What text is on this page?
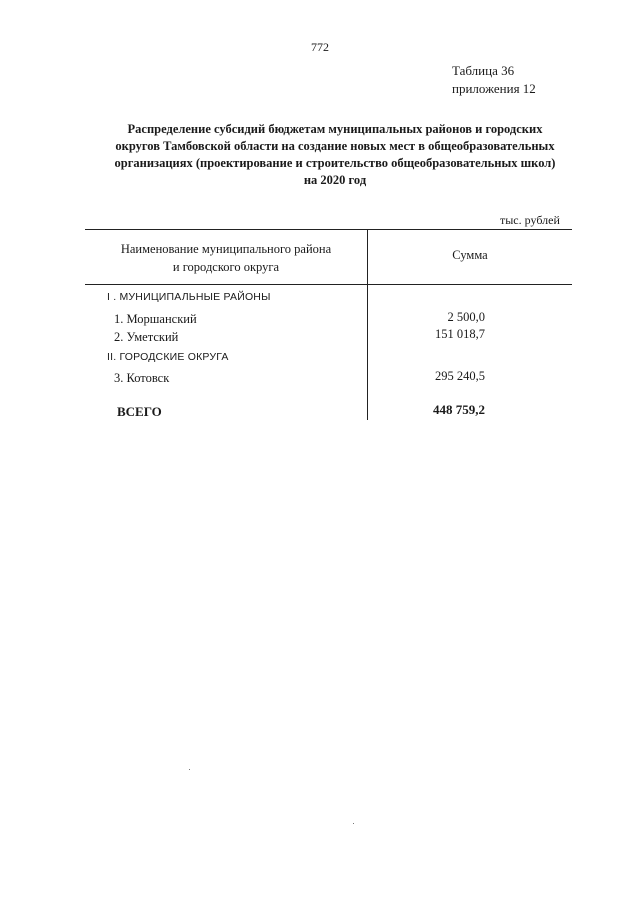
772
Таблица 36
приложения 12
Распределение субсидий бюджетам муниципальных районов и городских
округов Тамбовской области на создание новых мест в общеобразовательных
организациях (проектирование и строительство общеобразовательных школ)
на 2020 год
тыс. рублей
Наименование муниципального района
и городского округа
Сумма
I . МУНИЦИПАЛЬНЫЕ РАЙОНЫ
1. Моршанский	2 500,0
2. Уметский	151 018,7
II. ГОРОДСКИЕ ОКРУГА
3. Котовск	295 240,5
ВСЕГО	448 759,2
